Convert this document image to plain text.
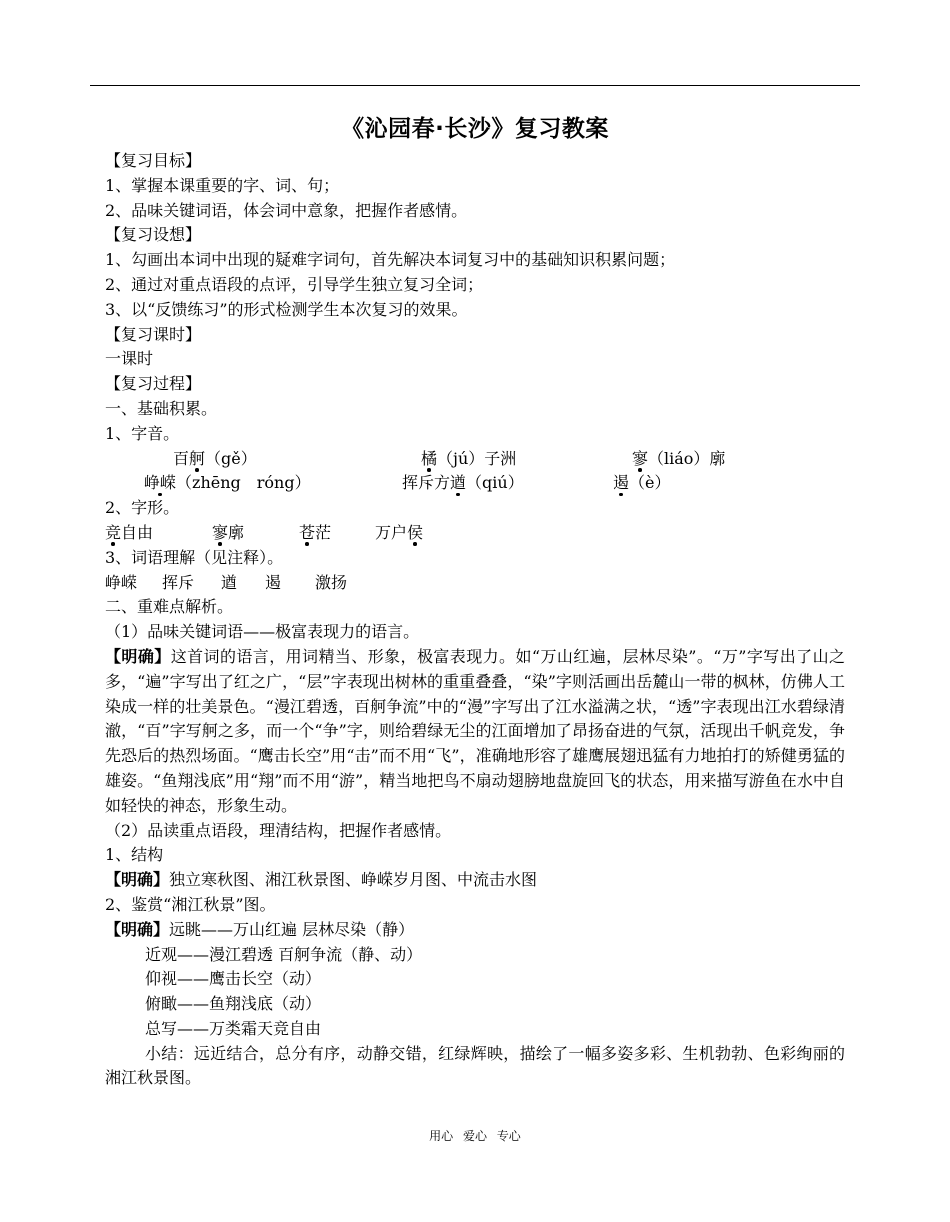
《沁园春·长沙》复习教案
【复习目标】
1、掌握本课重要的字、词、句；
2、品味关键词语，体会词中意象，把握作者感情。
【复习设想】
1、勾画出本词中出现的疑难字词句，首先解决本词复习中的基础知识积累问题；
2、通过对重点语段的点评，引导学生独立复习全词；
3、以“反馈练习”的形式检测学生本次复习的效果。
【复习课时】
一课时
【复习过程】
一、基础积累。
1、字音。
百舸（gě）	橘（jú）子洲	寥（liáo）廓
峥嵘（zhēng　róng）	挥斥方遒（qiú）	遏（è）
2、字形。
竞自由	寥廓	苍茫	万户侯
3、词语理解（见注释）。
峥嵘 挥斥 遒 遏 激扬
二、重难点解析。
（1）品味关键词语——极富表现力的语言。
【明确】这首词的语言，用词精当、形象，极富表现力。如“万山红遍，层林尽染”。“万”字写出了山之多，“遍”字写出了红之广，“层”字表现出树林的重重叠叠，“染”字则活画出岳麓山一带的枫林，仿佛人工染成一样的壮美景色。“漫江碧透，百舸争流”中的“漫”字写出了江水溢满之状，“透”字表现出江水碧绿清澈，“百”字写舸之多，而一个“争”字，则给碧绿无尘的江面增加了昂扬奋进的气氛，活现出千帆竞发，争先恐后的热烈场面。“鹰击长空”用“击”而不用“飞”，准确地形容了雄鹰展翅迅猛有力地拍打的矫健勇猛的雄姿。“鱼翔浅底”用“翔”而不用“游”，精当地把鸟不扇动翅膀地盘旋回飞的状态，用来描写游鱼在水中自如轻快的神态，形象生动。
（2）品读重点语段，理清结构，把握作者感情。
1、结构
【明确】独立寒秋图、湘江秋景图、峥嵘岁月图、中流击水图
2、鉴赏“湘江秋景”图。
【明确】远眺——万山红遍 层林尽染（静）
近观——漫江碧透 百舸争流（静、动）
仰视——鹰击长空（动）
俯瞰——鱼翔浅底（动）
总写——万类霜天竞自由
小结：远近结合，总分有序，动静交错，红绿辉映，描绘了一幅多姿多彩、生机勃勃、色彩绚丽的湘江秋景图。
用心 爱心 专心
